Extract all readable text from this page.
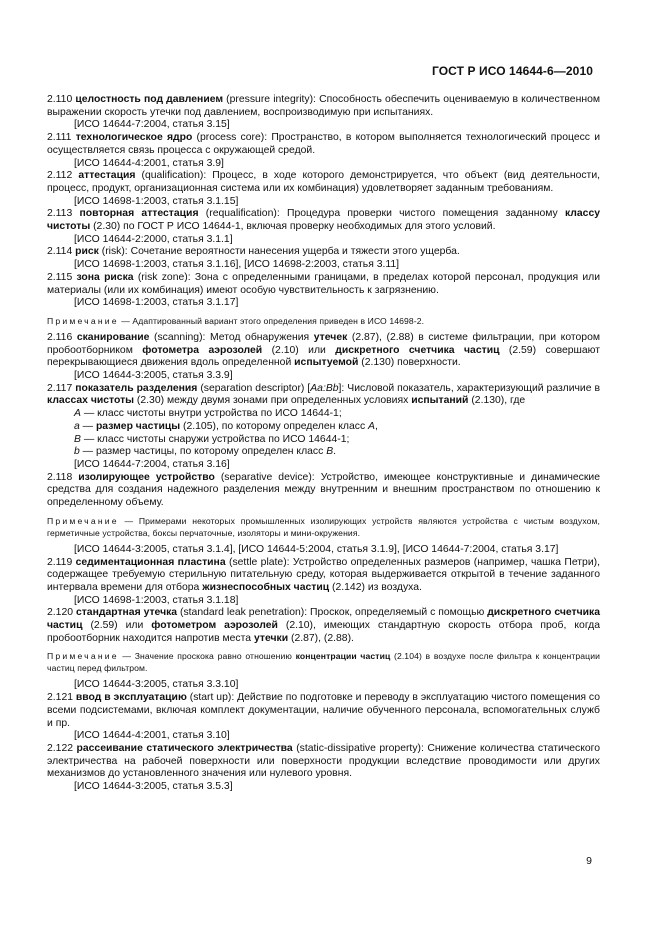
ГОСТ Р ИСО 14644-6—2010

2.110 целостность под давлением (pressure integrity): Способность обеспечить оцениваемую в количественном выражении скорость утечки под давлением, воспроизводимую при испытаниях.

[ИСО 14644-7:2004, статья 3.15]

2.111 технологическое ядро (process core): Пространство, в котором выполняется технологический процесс и осуществляется связь процесса с окружающей средой.

[ИСО 14644-4:2001, статья 3.9]

2.112 аттестация (qualification): Процесс, в ходе которого демонстрируется, что объект (вид деятельности, процесс, продукт, организационная система или их комбинация) удовлетворяет заданным требованиям.

[ИСО 14698-1:2003, статья 3.1.15]

2.113 повторная аттестация (requalification): Процедура проверки чистого помещения заданному классу чистоты (2.30) по ГОСТ Р ИСО 14644-1, включая проверку необходимых для этого условий.

[ИСО 14644-2:2000, статья 3.1.1]

2.114 риск (risk): Сочетание вероятности нанесения ущерба и тяжести этого ущерба.

[ИСО 14698-1:2003, статья 3.1.16], [ИСО 14698-2:2003, статья 3.11]

2.115 зона риска (risk zone): Зона с определенными границами, в пределах которой персонал, продукция или материалы (или их комбинация) имеют особую чувствительность к загрязнению.

[ИСО 14698-1:2003, статья 3.1.17]

Примечание — Адаптированный вариант этого определения приведен в ИСО 14698-2.

2.116 сканирование (scanning): Метод обнаружения утечек (2.87), (2.88) в системе фильтрации, при котором пробоотборником фотометра аэрозолей (2.10) или дискретного счетчика частиц (2.59) совершают перекрывающиеся движения вдоль определенной испытуемой (2.130) поверхности.

[ИСО 14644-3:2005, статья 3.3.9]

2.117 показатель разделения (separation descriptor) [Aa:Bb]: Числовой показатель, характеризующий различие в классах чистоты (2.30) между двумя зонами при определенных условиях испытаний (2.130), где

A — класс чистоты внутри устройства по ИСО 14644-1;

a — размер частицы (2.105), по которому определен класс A,

B — класс чистоты снаружи устройства по ИСО 14644-1;

b — размер частицы, по которому определен класс B.

[ИСО 14644-7:2004, статья 3.16]

2.118 изолирующее устройство (separative device): Устройство, имеющее конструктивные и динамические средства для создания надежного разделения между внутренним и внешним пространством по отношению к определенному объему.

Примечание — Примерами некоторых промышленных изолирующих устройств являются устройства с чистым воздухом, герметичные устройства, боксы перчаточные, изоляторы и мини-окружения.

[ИСО 14644-3:2005, статья 3.1.4], [ИСО 14644-5:2004, статья 3.1.9], [ИСО 14644-7:2004, статья 3.17]

2.119 седиментационная пластина (settle plate): Устройство определенных размеров (например, чашка Петри), содержащее требуемую стерильную питательную среду, которая выдерживается открытой в течение заданного интервала времени для отбора жизнеспособных частиц (2.142) из воздуха.

[ИСО 14698-1:2003, статья 3.1.18]

2.120 стандартная утечка (standard leak penetration): Проскок, определяемый с помощью дискретного счетчика частиц (2.59) или фотометром аэрозолей (2.10), имеющих стандартную скорость отбора проб, когда пробоотборник находится напротив места утечки (2.87), (2.88).

Примечание — Значение проскока равно отношению концентрации частиц (2.104) в воздухе после фильтра к концентрации частиц перед фильтром.

[ИСО 14644-3:2005, статья 3.3.10]

2.121 ввод в эксплуатацию (start up): Действие по подготовке и переводу в эксплуатацию чистого помещения со всеми подсистемами, включая комплект документации, наличие обученного персонала, вспомогательных служб и пр.

[ИСО 14644-4:2001, статья 3.10]

2.122 рассеивание статического электричества (static-dissipative property): Снижение количества статического электричества на рабочей поверхности или поверхности продукции вследствие проводимости или других механизмов до установленного значения или нулевого уровня.

[ИСО 14644-3:2005, статья 3.5.3]

9
